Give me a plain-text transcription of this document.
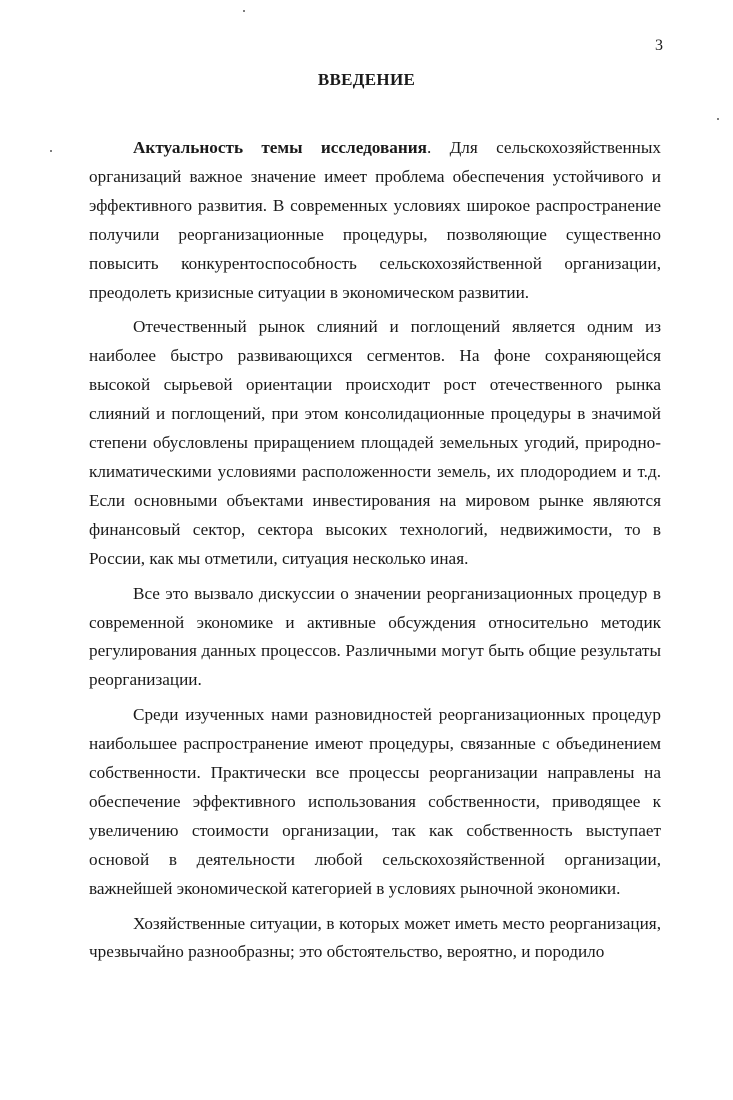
3
ВВЕДЕНИЕ

Актуальность темы исследования. Для сельскохозяйственных организаций важное значение имеет проблема обеспечения устойчивого и эффективного развития. В современных условиях широкое распространение получили реорганизационные процедуры, позволяющие существенно повысить конкурентоспособность сельскохозяйственной организации, преодолеть кризисные ситуации в экономическом развитии.

Отечественный рынок слияний и поглощений является одним из наиболее быстро развивающихся сегментов. На фоне сохраняющейся высокой сырьевой ориентации происходит рост отечественного рынка слияний и поглощений, при этом консолидационные процедуры в значимой степени обусловлены приращением площадей земельных угодий, природно-климатическими условиями расположенности земель, их плодородием и т.д. Если основными объектами инвестирования на мировом рынке являются финансовый сектор, сектора высоких технологий, недвижимости, то в России, как мы отметили, ситуация несколько иная.

Все это вызвало дискуссии о значении реорганизационных процедур в современной экономике и активные обсуждения относительно методик регулирования данных процессов. Различными могут быть общие результаты реорганизации.

Среди изученных нами разновидностей реорганизационных процедур наибольшее распространение имеют процедуры, связанные с объединением собственности. Практически все процессы реорганизации направлены на обеспечение эффективного использования собственности, приводящее к увеличению стоимости организации, так как собственность выступает основой в деятельности любой сельскохозяйственной организации, важнейшей экономической категорией в условиях рыночной экономики.

Хозяйственные ситуации, в которых может иметь место реорганизация, чрезвычайно разнообразны; это обстоятельство, вероятно, и породило
